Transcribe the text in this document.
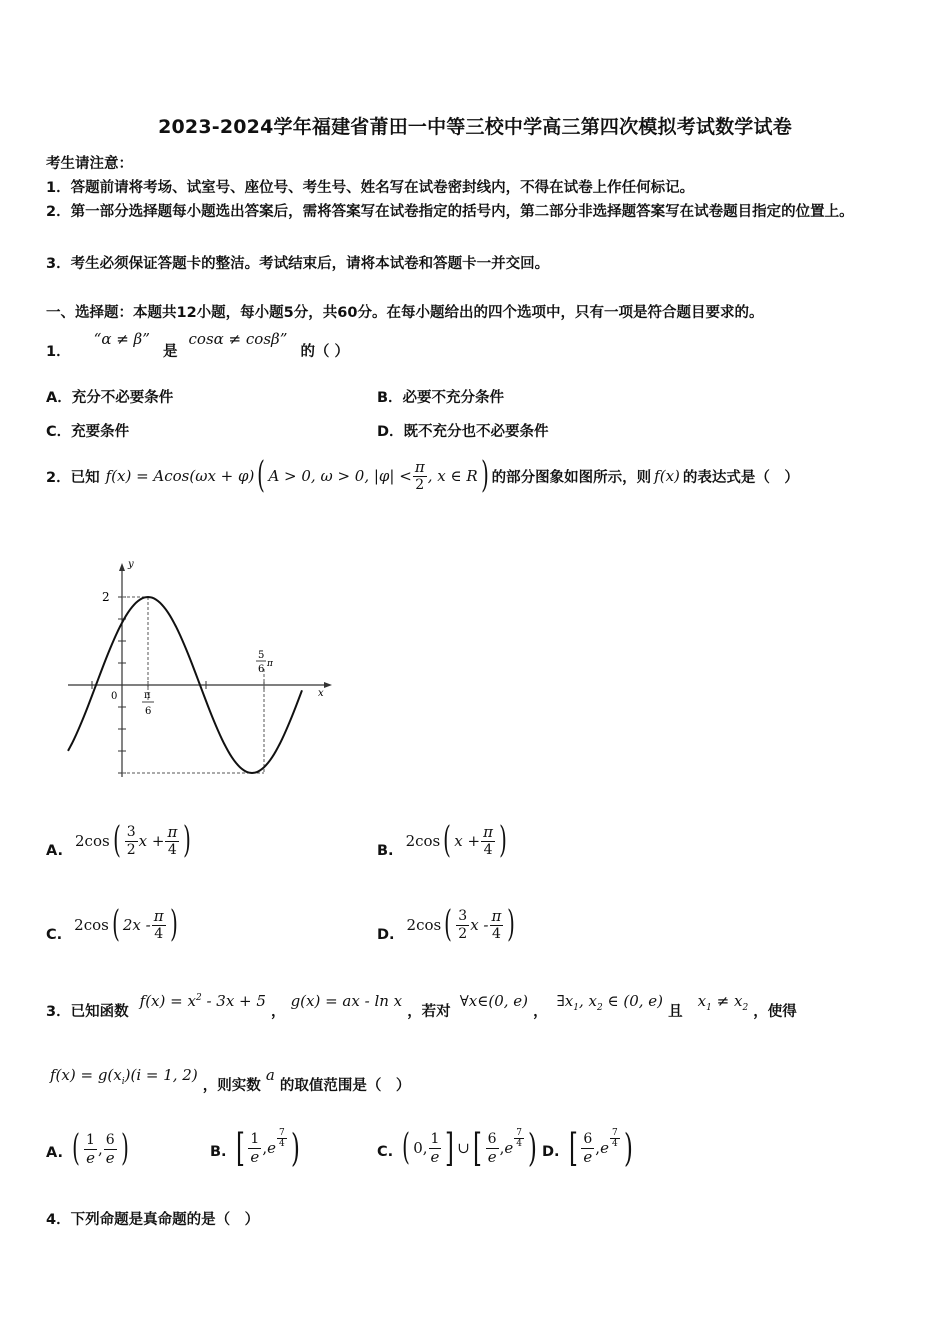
2023-2024学年福建省莆田一中等三校中学高三第四次模拟考试数学试卷
考生请注意：
1．答题前请将考场、试室号、座位号、考生号、姓名写在试卷密封线内，不得在试卷上作任何标记。
2．第一部分选择题每小题选出答案后，需将答案写在试卷指定的括号内，第二部分非选择题答案写在试卷题目指定的位置上。
3．考生必须保证答题卡的整洁。考试结束后，请将本试卷和答题卡一并交回。
一、选择题：本题共12小题，每小题5分，共60分。在每小题给出的四个选项中，只有一项是符合题目要求的。
1． “α ≠ β” 是 cosα ≠ cosβ” 的（ ）
A．充分不必要条件	B．必要不充分条件
C．充要条件	D．既不充分也不必要条件
2．已知 f(x) = Acos(ωx + φ) ( A > 0, ω > 0, $|\varphi| < \frac{\pi}{2}$ , x ∈ R ) 的部分图象如图所示，则 f(x) 的表达式是（　）
y
x
0
2
π
6
5
6 π
A.
2cos ( $\frac{3}{2}$ $x + \frac{\pi}{4}$ )	B.
2cos ( $x + \frac{\pi}{4}$ )
C.
2cos ( $2x - \frac{\pi}{4}$ )	D.
2cos ( $\frac{3}{2}$ x - $\frac{\pi}{4}$ )
3．已知函数 $f(x) = x^2 - 3x + 5$ ， g(x) = ax - ln x ，若对 ∀x∈(0, e) ， $\exists x_1$, $x_2$ ∈ (0, e) 且 $x_1 \ne x_2$ ，使得
$f(x) = g(x_i)(i = 1$, 2) ，则实数 a 的取值范围是（　）
A. ( $\frac{1}{e}$ , $\frac{6}{e}$ )	B. [ $\frac{1}{e}$ , e $\frac{7}{4}$ )	C. ( 0, $\frac{1}{e}$ ] ∪ [ $\frac{6}{e}$ , e $\frac{7}{4}$ ) D. [ $\frac{6}{e}$ , e $\frac{7}{4}$ )
4．下列命题是真命题的是（　）
